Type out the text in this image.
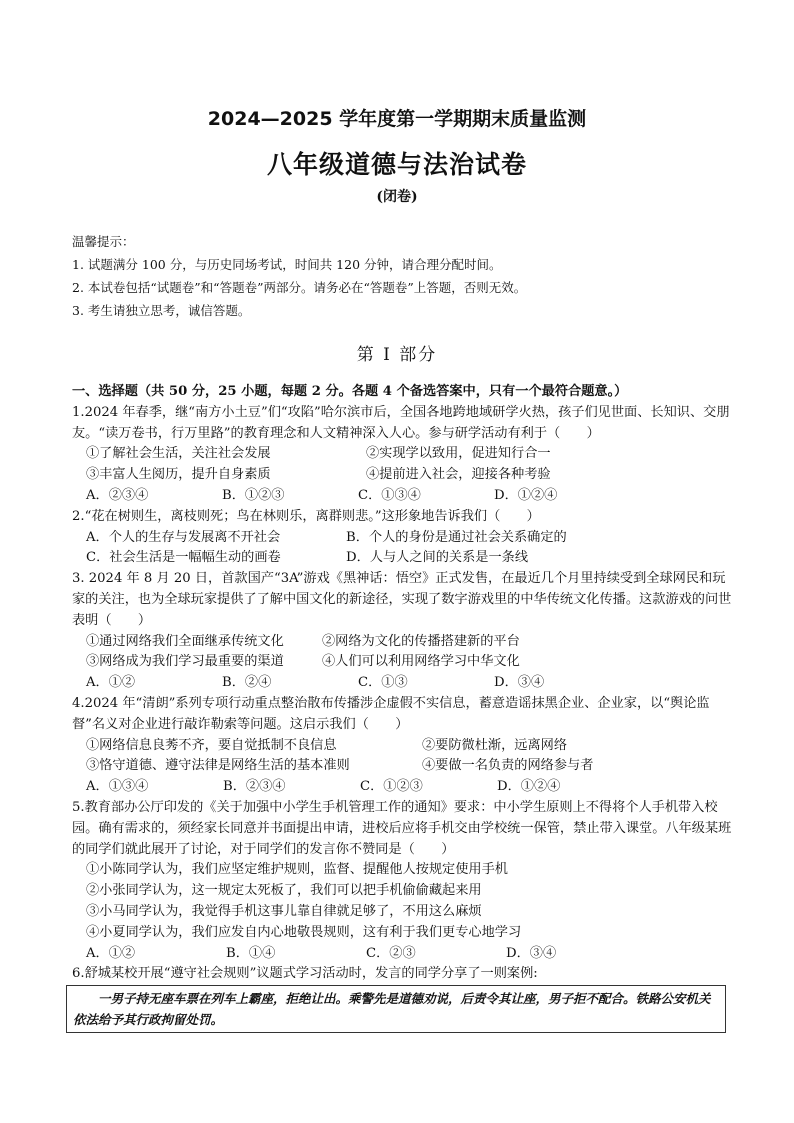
2024—2025 学年度第一学期期末质量监测
八年级道德与法治试卷
(闭卷)
温馨提示：
1. 试题满分 100 分，与历史同场考试，时间共 120 分钟，请合理分配时间。
2. 本试卷包括“试题卷”和“答题卷”两部分。请务必在“答题卷”上答题，否则无效。
3. 考生请独立思考，诚信答题。
第 I 部分
一、选择题（共 50 分，25 小题，每题 2 分。各题 4 个备选答案中，只有一个最符合题意。）
1.2024 年春季，继“南方小土豆”们“攻陷”哈尔滨市后，全国各地跨地域研学火热，孩子们见世面、长知识、交朋友。“读万卷书，行万里路”的教育理念和人文精神深入人心。参与研学活动有利于（　　）
①了解社会生活，关注社会发展	②实现学以致用，促进知行合一
③丰富人生阅历，提升自身素质	④提前进入社会，迎接各种考验
A．②③④	B．①②③	C．①③④	D．①②④
2.“花在树则生，离枝则死；鸟在林则乐，离群则悲。”这形象地告诉我们（　　）
A．个人的生存与发展离不开社会	B．个人的身份是通过社会关系确定的
C．社会生活是一幅幅生动的画卷	D．人与人之间的关系是一条线
3. 2024 年 8 月 20 日，首款国产“3A”游戏《黑神话：悟空》正式发售，在最近几个月里持续受到全球网民和玩家的关注，也为全球玩家提供了了解中国文化的新途径，实现了数字游戏里的中华传统文化传播。这款游戏的问世表明（　　）
①通过网络我们全面继承传统文化	②网络为文化的传播搭建新的平台
③网络成为我们学习最重要的渠道	④人们可以利用网络学习中华文化
A．①②	B．②④	C．①③	D．③④
4.2024 年“清朗”系列专项行动重点整治散布传播涉企虚假不实信息，蓄意造谣抹黑企业、企业家，以“舆论监督”名义对企业进行敲诈勒索等问题。这启示我们（　　）
①网络信息良莠不齐，要自觉抵制不良信息	②要防微杜渐，远离网络
③恪守道德、遵守法律是网络生活的基本准则	④要做一名负责的网络参与者
A．①③④	B．②③④	C．①②③	D．①②④
5.教育部办公厅印发的《关于加强中小学生手机管理工作的通知》要求：中小学生原则上不得将个人手机带入校园。确有需求的，须经家长同意并书面提出申请，进校后应将手机交由学校统一保管，禁止带入课堂。八年级某班的同学们就此展开了讨论，对于同学们的发言你不赞同是（　　）
①小陈同学认为，我们应坚定维护规则，监督、提醒他人按规定使用手机
②小张同学认为，这一规定太死板了，我们可以把手机偷偷藏起来用
③小马同学认为，我觉得手机这事儿靠自律就足够了，不用这么麻烦
④小夏同学认为，我们应发自内心地敬畏规则，这有利于我们更专心地学习
A．①②	B．①④	C．②③	D．③④
6.舒城某校开展“遵守社会规则”议题式学习活动时，发言的同学分享了一则案例:
一男子持无座车票在列车上霸座，拒绝让出。乘警先是道德劝说，后责令其让座，男子拒不配合。铁路公安机关依法给予其行政拘留处罚。
